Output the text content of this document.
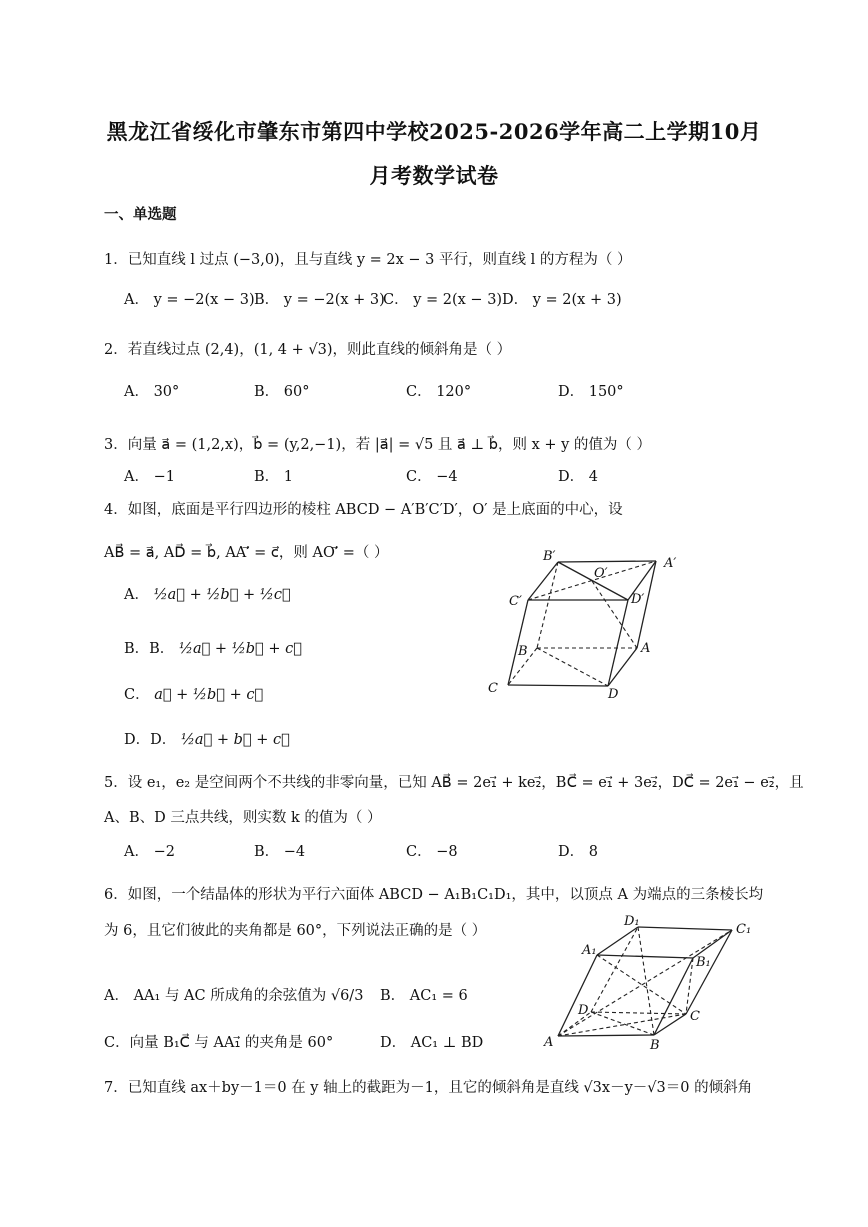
黑龙江省绥化市肇东市第四中学校2025-2026学年高二上学期10月
月考数学试卷
一、单选题
1．已知直线 l 过点 (−3,0)，且与直线 y = 2x − 3 平行，则直线 l 的方程为（ ）
A． y = −2(x − 3) B． y = −2(x + 3)
C． y = 2(x − 3) D． y = 2(x + 3)
2．若直线过点 (2,4)，(1, 4 + √3)，则此直线的倾斜角是（ ）
A． 30°	B． 60°	C． 120°	D． 150°
3．向量 a⃗ = (1,2,x)，b⃗ = (y,2,−1)，若 |a⃗| = √5 且 a⃗ ⊥ b⃗，则 x + y 的值为（ ）
A． −1	B． 1	C． −4	D． 4
4．如图，底面是平行四边形的棱柱 ABCD − A′B′C′D′，O′ 是上底面的中心，设
AB⃗ = a⃗, AD⃗ = b⃗, AA′⃗ = c⃗，则 AO′⃗ =（ ）
A． ½a⃗ + ½b⃗ + ½c⃗
B．B． ½a⃗ + ½b⃗ + c⃗
C． a⃗ + ½b⃗ + c⃗
D．D． ½a⃗ + b⃗ + c⃗
B′
O′
A′
C′	D′
B	A
C	D
5．设 e₁，e₂ 是空间两个不共线的非零向量，已知 AB⃗ = 2e₁⃗ + ke₂⃗，BC⃗ = e₁⃗ + 3e₂⃗，DC⃗ = 2e₁⃗ − e₂⃗，且
A、B、D 三点共线，则实数 k 的值为（ ）
A． −2	B． −4	C． −8	D． 8
6．如图，一个结晶体的形状为平行六面体 ABCD − A₁B₁C₁D₁，其中，以顶点 A 为端点的三条棱长均
为 6，且它们彼此的夹角都是 60°，下列说法正确的是（ ）
A． AA₁ 与 AC 所成角的余弦值为 √6/3 B． AC₁ = 6
C．向量 B₁C⃗ 与 AA₁⃗ 的夹角是 60°	D． AC₁ ⊥ BD
D₁
C₁
A₁
B₁
D	C
A	B
7．已知直线 ax＋by－1＝0 在 y 轴上的截距为－1，且它的倾斜角是直线 √3x－y－√3＝0 的倾斜角
